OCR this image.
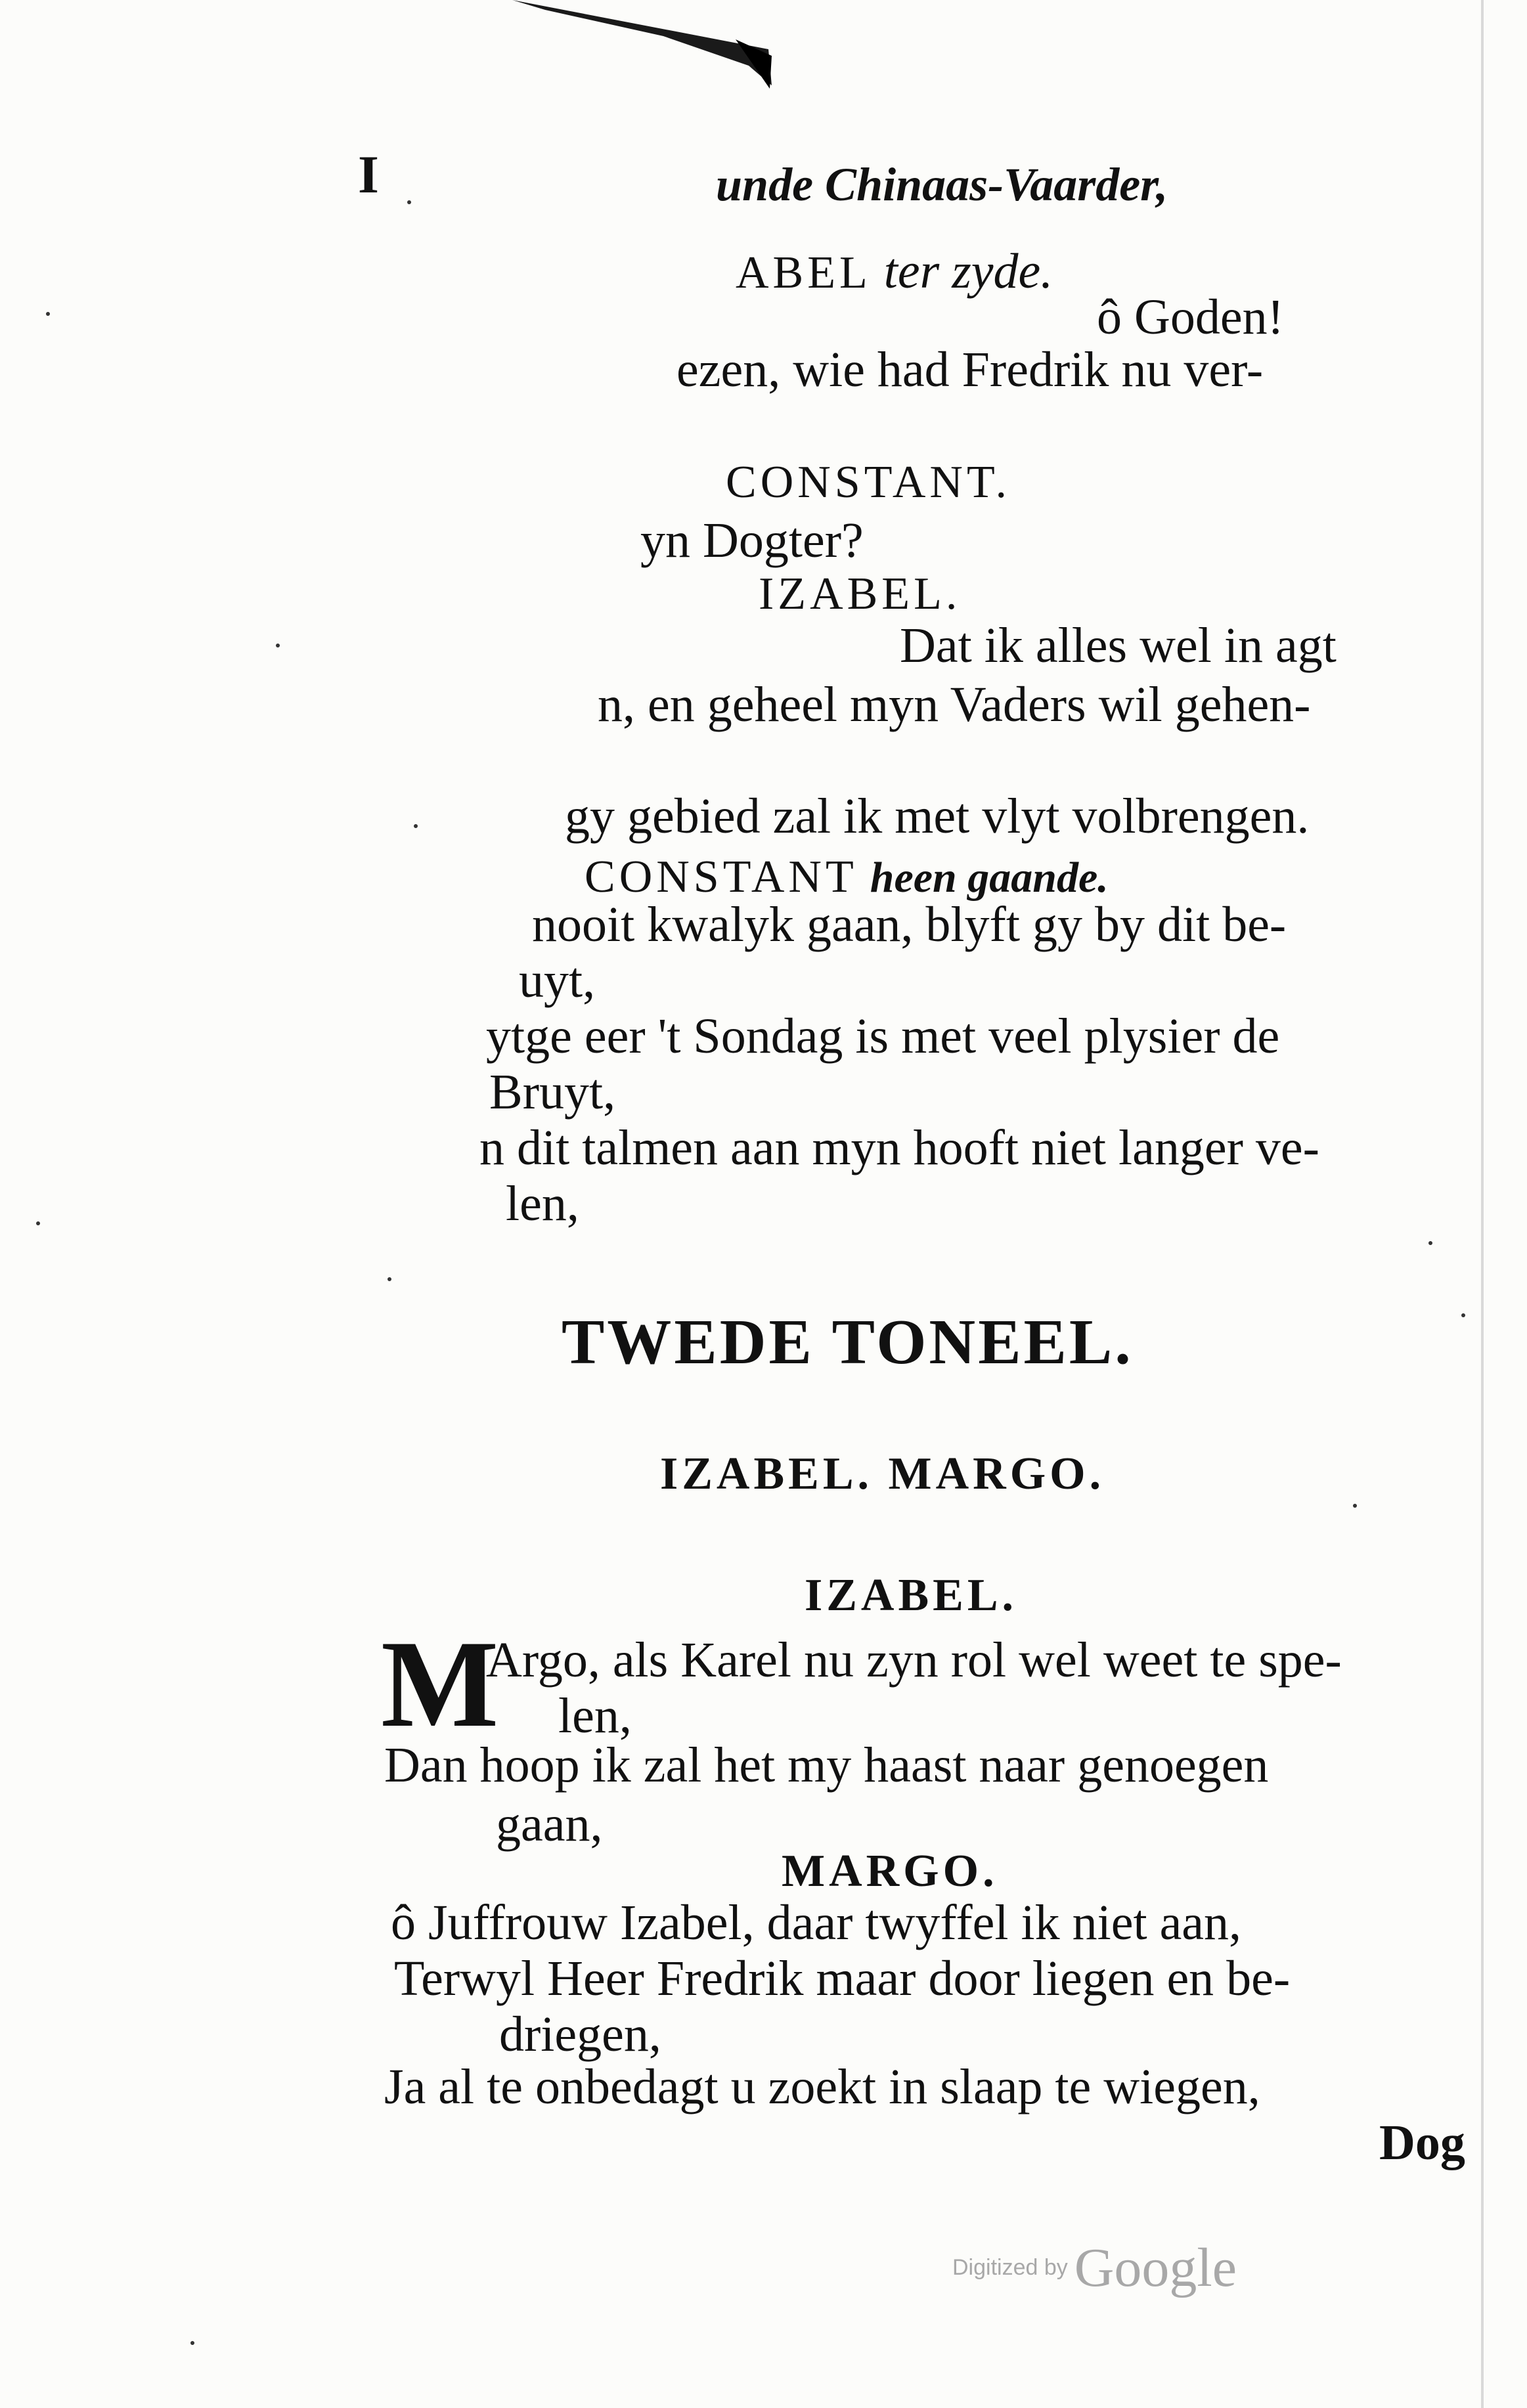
I	unde Chinaas-Vaarder,
ABEL ter zyde.
ô Goden!
ezen, wie had Fredrik nu ver-
CONSTANT.
yn Dogter?
IZABEL.
Dat ik alles wel in agt
n, en geheel myn Vaders wil gehen-
gy gebied zal ik met vlyt volbrengen.
CONSTANT heen gaande.
nooit kwalyk gaan, blyft gy by dit be-
uyt,
ytge eer 't Sondag is met veel plysier de
Bruyt,
n dit talmen aan myn hooft niet langer ve-
len,
TWEDE TONEEL.
IZABEL. MARGO.
IZABEL.
M
Argo, als Karel nu zyn rol wel weet te spe-
len,
Dan hoop ik zal het my haast naar genoegen
gaan,
MARGO.
ô Juffrouw Izabel, daar twyffel ik niet aan,
Terwyl Heer Fredrik maar door liegen en be-
driegen,
Ja al te onbedagt u zoekt in slaap te wiegen,
Dog
Digitized by Google
